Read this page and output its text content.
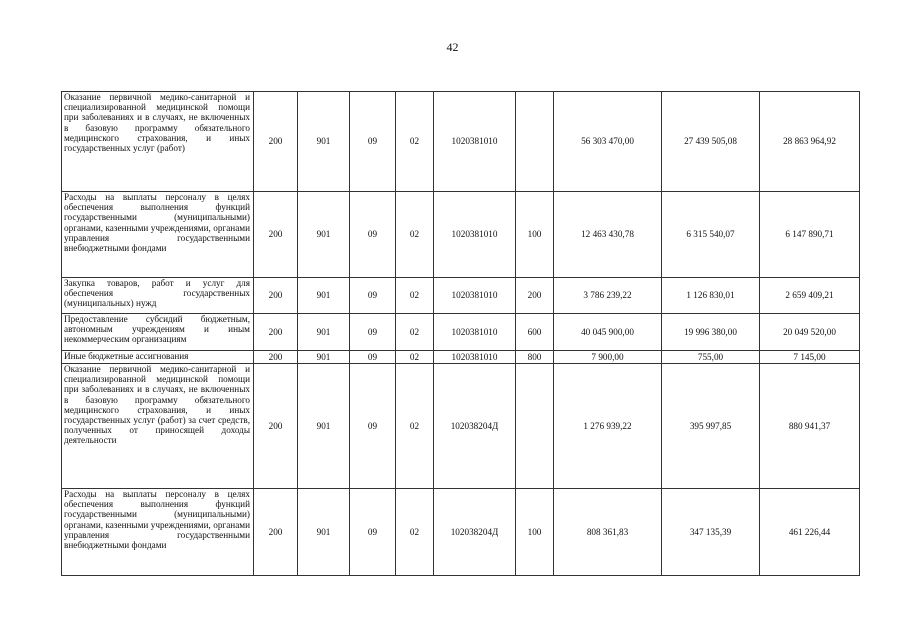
42
Оказание первичной медико-санитарной и специализированной медицинской помощи при заболеваниях и в случаях, не включенных в базовую программу обязательного медицинского страхования, и иных государственных услуг (работ)	200	901	09	02	1020381010		56 303 470,00	27 439 505,08	28 863 964,92
Расходы на выплаты персоналу в целях обеспечения выполнения функций государственными (муниципальными) органами, казенными учреждениями, органами управления государственными внебюджетными фондами	200	901	09	02	1020381010	100	12 463 430,78	6 315 540,07	6 147 890,71
Закупка товаров, работ и услуг для обеспечения государственных (муниципальных) нужд	200	901	09	02	1020381010	200	3 786 239,22	1 126 830,01	2 659 409,21
Предоставление субсидий бюджетным, автономным учреждениям и иным некоммерческим организациям	200	901	09	02	1020381010	600	40 045 900,00	19 996 380,00	20 049 520,00
Иные бюджетные ассигнования	200	901	09	02	1020381010	800	7 900,00	755,00	7 145,00
Оказание первичной медико-санитарной и специализированной медицинской помощи при заболеваниях и в случаях, не включенных в базовую программу обязательного медицинского страхования, и иных государственных услуг (работ) за счет средств, полученных от приносящей доходы деятельности	200	901	09	02	102038204Д		1 276 939,22	395 997,85	880 941,37
Расходы на выплаты персоналу в целях обеспечения выполнения функций государственными (муниципальными) органами, казенными учреждениями, органами управления государственными внебюджетными фондами	200	901	09	02	102038204Д	100	808 361,83	347 135,39	461 226,44
